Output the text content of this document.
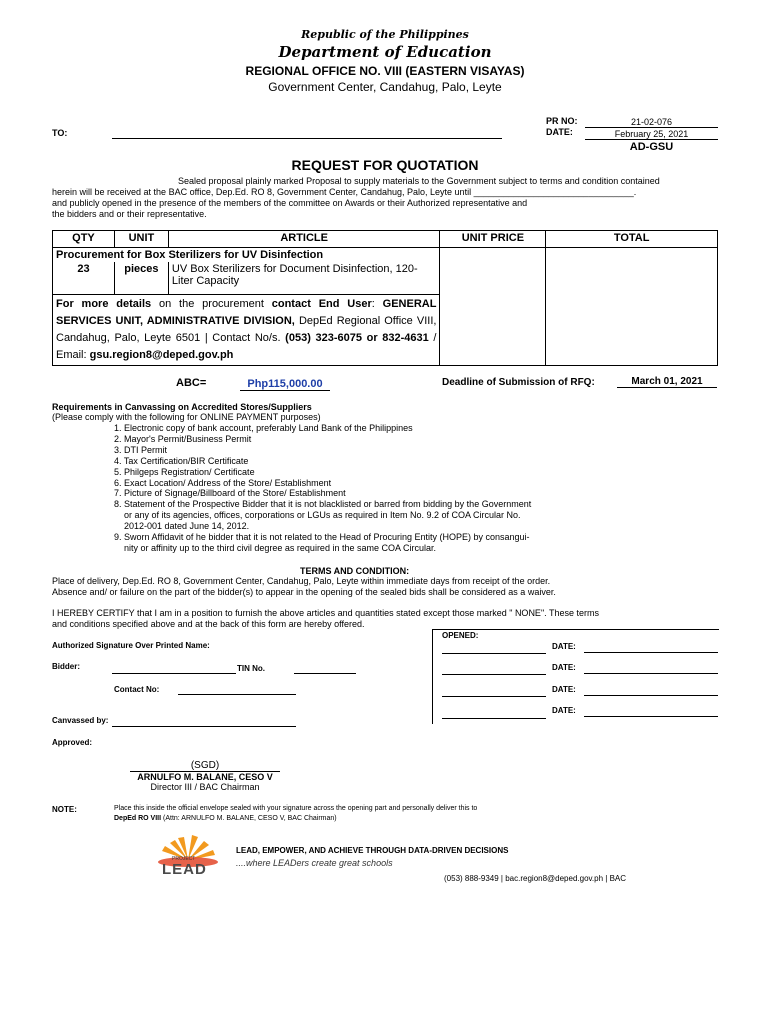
Republic of the Philippines
Department of Education
REGIONAL OFFICE NO. VIII (EASTERN VISAYAS)
Government Center, Candahug, Palo, Leyte
PR NO:	21-02-076
DATE:	February 25, 2021
AD-GSU
TO:
REQUEST FOR QUOTATION
Sealed proposal plainly marked Proposal to supply materials to the Government subject to terms and condition contained
herein will be received at the BAC office, Dep.Ed. RO 8, Government Center, Candahug, Palo, Leyte until ________________________________.
and publicly opened in the presence of the members of the committee on Awards or their Authorized representative and
the bidders and or their representative.
QTY	UNIT	ARTICLE	UNIT PRICE	TOTAL
Procurement for Box Sterilizers for UV Disinfection				
23	pieces	UV Box Sterilizers for Document Disinfection, 120-
Liter Capacity		

For more details on the procurement contact End User: GENERAL SERVICES UNIT, ADMINISTRATIVE DIVISION, DepEd Regional Office VIII, Candahug, Palo, Leyte 6501 | Contact No/s. (053) 323-6075 or 832-4631 / Email: gsu.region8@deped.gov.ph				
ABC=	Php115,000.00	Deadline of Submission of RFQ:	March 01, 2021
Requirements in Canvassing on Accredited Stores/Suppliers
(Please comply with the following for ONLINE PAYMENT purposes)
1. Electronic copy of bank account, preferably Land Bank of the Philippines
2. Mayor's Permit/Business Permit
3. DTI Permit
4. Tax Certification/BIR Certificate
5. Philgeps Registration/ Certificate
6. Exact Location/ Address of the Store/ Establishment
7. Picture of Signage/Billboard of the Store/ Establishment
8. Statement of the Prospective Bidder that it is not blacklisted or barred from bidding by the Government
or any of its agencies, offices, corporations or LGUs as required in Item No. 9.2 of COA Circular No.
2012-001 dated June 14, 2012.
9. Sworn Affidavit of he bidder that it is not related to the Head of Procuring Entity (HOPE) by consangui-
nity or affinity up to the third civil degree as required in the same COA Circular.
TERMS AND CONDITION:
Place of delivery, Dep.Ed. RO 8, Government Center, Candahug, Palo, Leyte within immediate days from receipt of the order.
Absence and/ or failure on the part of the bidder(s) to appear in the opening of the sealed bids shall be considered as a waiver.
I HEREBY CERTIFY that I am in a position to furnish the above articles and quantities stated except those marked " NONE". These terms
and conditions specified above and at the back of this form are hereby offered.
OPENED:
DATE:
DATE:
DATE:
DATE:
Authorized Signature Over Printed Name:
Bidder:	TIN No.
Contact No:
Canvassed by:
Approved:
(SGD)
ARNULFO M. BALANE, CESO V
Director III / BAC Chairman
NOTE:	Place this inside the official envelope sealed with your signature across the opening part and personally deliver this to
DepEd RO VIII (Attn: ARNULFO M. BALANE, CESO V, BAC Chairman)
PROJECT
LEAD
LEAD, EMPOWER, AND ACHIEVE THROUGH DATA-DRIVEN DECISIONS
....where LEADers create great schools
(053) 888-9349 | bac.region8@deped.gov.ph | BAC
